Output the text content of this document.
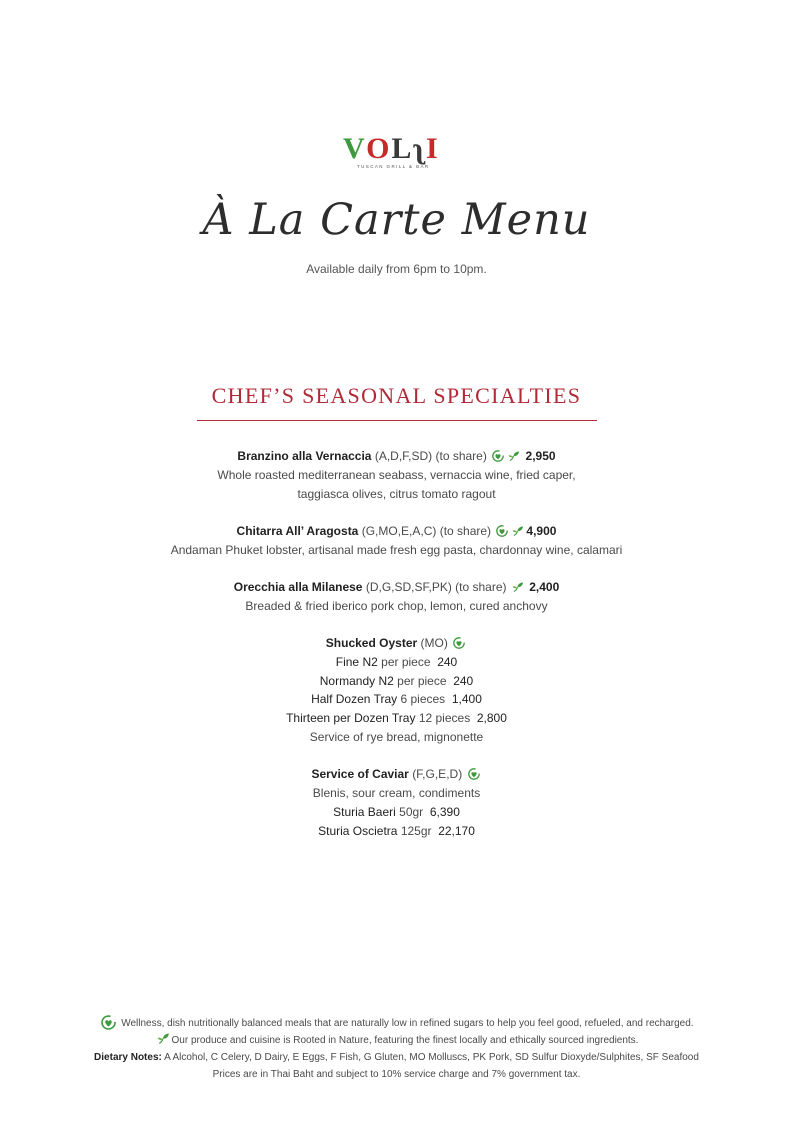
VOLʅI
TUSCAN GRILL & BAR
À La Carte Menu
Available daily from 6pm to 10pm.
CHEF’S SEASONAL SPECIALTIES
Branzino alla Vernaccia (A,D,F,SD) (to share)	2,950
Whole roasted mediterranean seabass, vernaccia wine, fried caper,
taggiasca olives, citrus tomato ragout
Chitarra All’ Aragosta (G,MO,E,A,C) (to share)	4,900
Andaman Phuket lobster, artisanal made fresh egg pasta, chardonnay wine, calamari
Orecchia alla Milanese (D,G,SD,SF,PK) (to share) 2,400
Breaded & fried iberico pork chop, lemon, cured anchovy
Shucked Oyster (MO)
Fine N2 per piece 240
Normandy N2 per piece 240
Half Dozen Tray 6 pieces 1,400
Thirteen per Dozen Tray 12 pieces 2,800
Service of rye bread, mignonette
Service of Caviar (F,G,E,D)
Blenis, sour cream, condiments
Sturia Baeri 50gr 6,390
Sturia Oscietra 125gr 22,170
Wellness, dish nutritionally balanced meals that are naturally low in refined sugars to help you feel good, refueled, and recharged.
Our produce and cuisine is Rooted in Nature, featuring the finest locally and ethically sourced ingredients.
Dietary Notes: A Alcohol, C Celery, D Dairy, E Eggs, F Fish, G Gluten, MO Molluscs, PK Pork, SD Sulfur Dioxyde/Sulphites, SF Seafood
Prices are in Thai Baht and subject to 10% service charge and 7% government tax.
